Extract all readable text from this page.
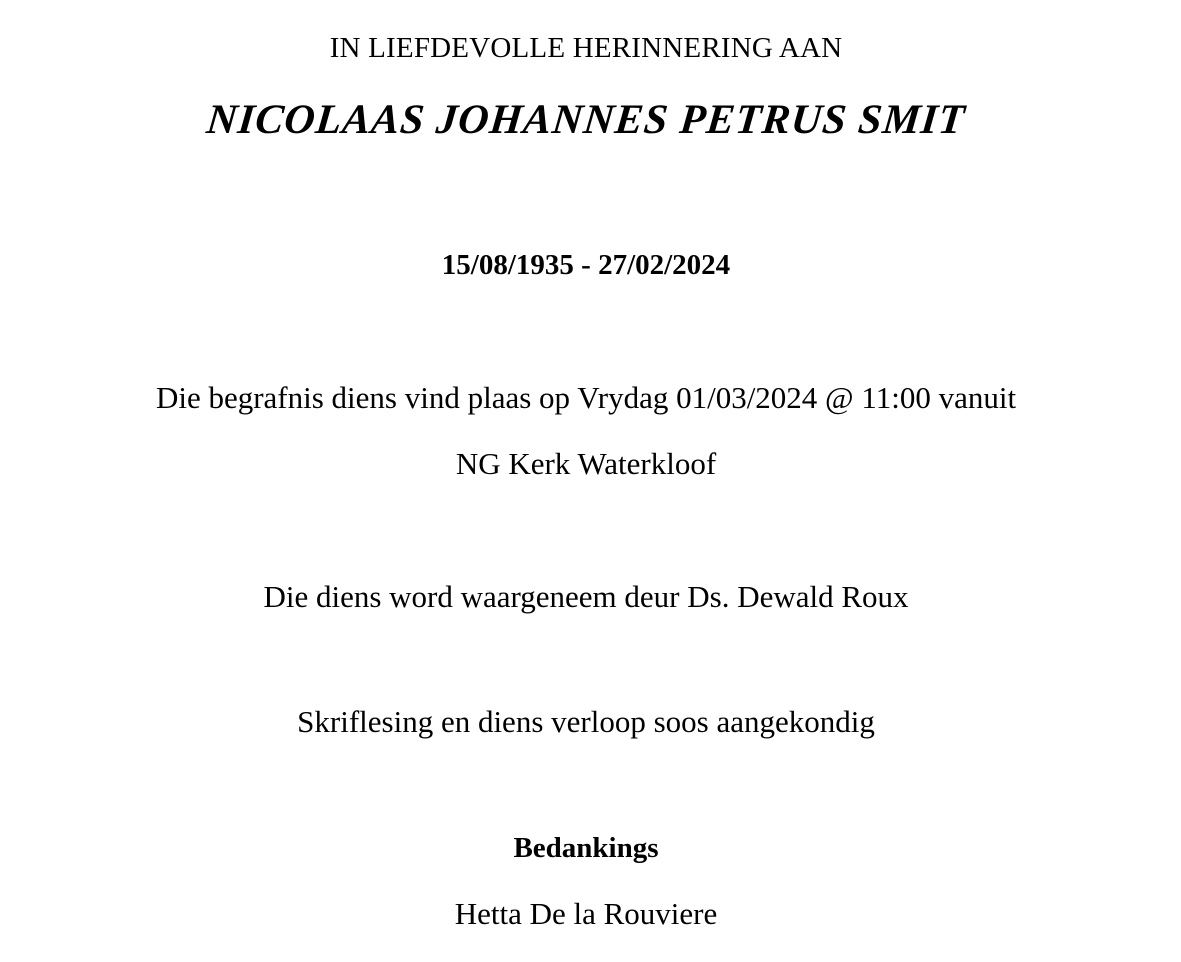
IN LIEFDEVOLLE HERINNERING AAN
NICOLAAS JOHANNES PETRUS SMIT
15/08/1935 - 27/02/2024
Die begrafnis diens vind plaas op Vrydag 01/03/2024 @ 11:00 vanuit
NG Kerk Waterkloof
Die diens word waargeneem deur Ds. Dewald Roux
Skriflesing en diens verloop soos aangekondig
Bedankings
Hetta De la Rouviere
